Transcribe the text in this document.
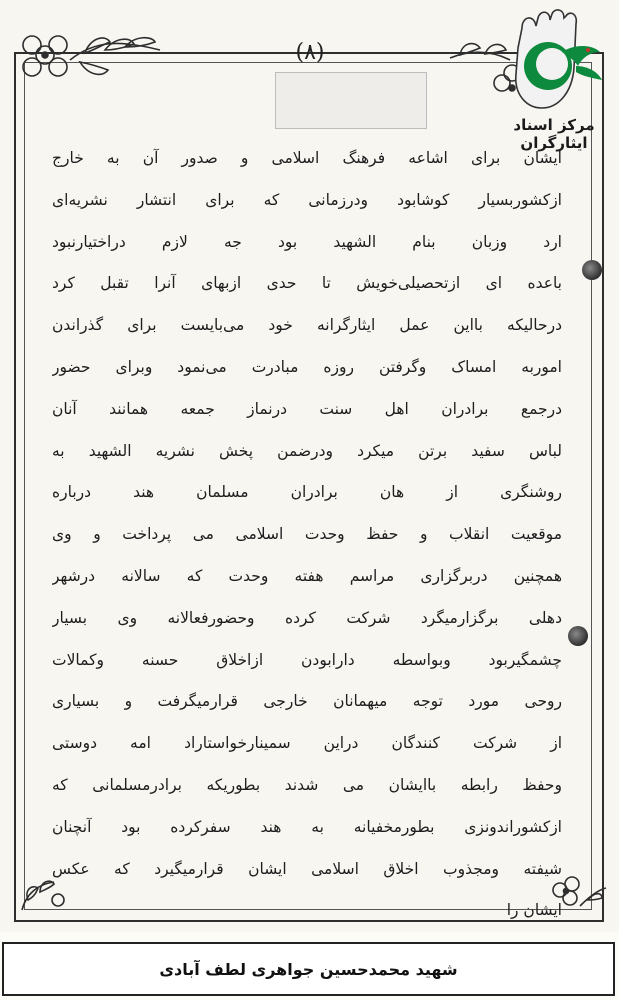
(٨)
مرکز اسناد ایثارگران
ایشان برای اشاعه فرهنگ اسلامی و صدور آن به خارج
ازکشوربسیار کوشابود ودرزمانی که برای انتشار نشریه‌ای
ارد وزبان بنام الشهید بود جه لازم دراختیارنبود
باعده ای ازتحصیلی‌خویش‌ تا حدی ازبهای آنرا تقبل کرد
درحالیکه بااین عمل ایثارگرانه خود می‌بایست برای گذراندن
اموربه امساک وگرفتن روزه مبادرت می‌نمود وبرای حضور
درجمع برادران اهل سنت درنماز جمعه همانند آنان
لباس سفید برتن میکرد ودرضمن پخش نشریه الشهید به
روشنگری از هان برادران مسلمان هند درباره
موقعیت انقلاب و حفظ وحدت اسلامی می پرداخت و وی
همچنین دربرگزاری مراسم هفته وحدت که سالانه درشهر
دهلی برگزارمیگرد شرکت کرده وحضورفعالانه وی بسیار
چشمگیربود وبواسطه دارابودن ازاخلاق حسنه وکمالات
روحی مورد توجه میهمانان خارجی قرارمیگرفت و بسیاری
از شرکت کنندگان دراین سمینارخواستاراد امه دوستی
وحفظ رابطه باایشان می شدند بطوریکه برادرمسلمانی که
ازکشوراندونزی بطورمخفیانه به هند سفرکرده بود آنچنان
شیفته ومجذوب اخلاق اسلامی ایشان قرارمیگیرد که عکس
ایشان را
شهید محمدحسین جواهری لطف آبادی
